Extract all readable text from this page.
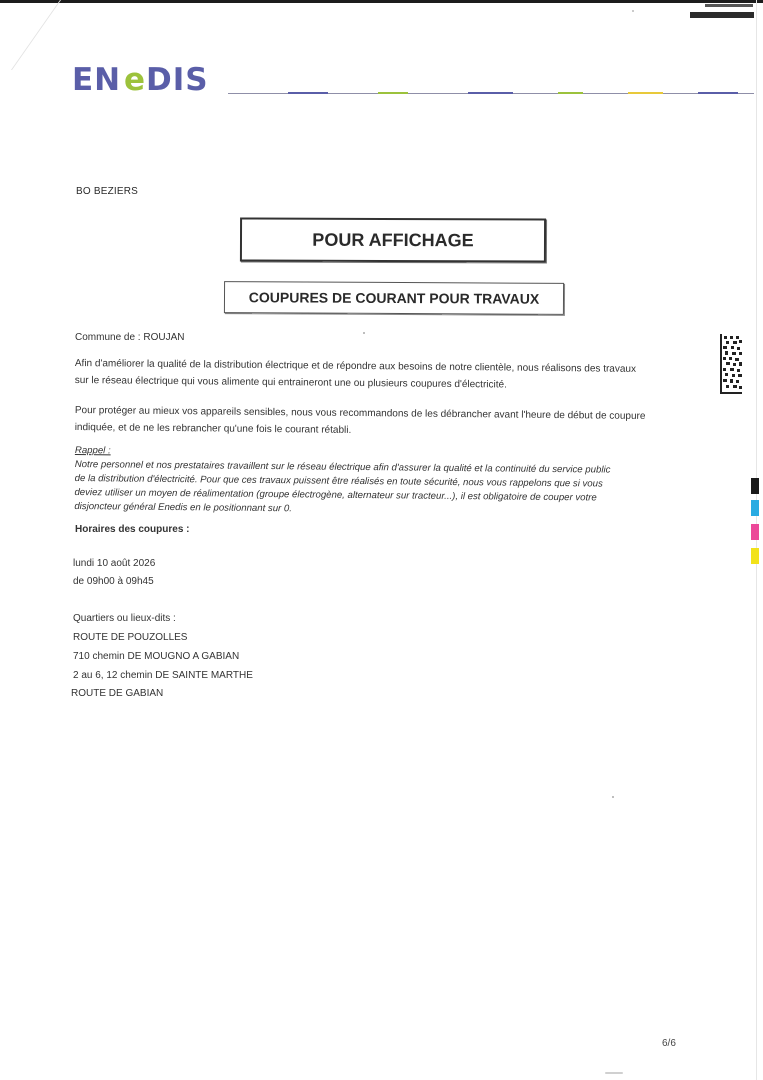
EN e DIS
BO BEZIERS
POUR AFFICHAGE
COUPURES DE COURANT POUR TRAVAUX
Commune de : ROUJAN
Afin d'améliorer la qualité de la distribution électrique et de répondre aux besoins de notre clientèle, nous réalisons des travaux
sur le réseau électrique qui vous alimente qui entraineront une ou plusieurs coupures d'électricité.
Pour protéger au mieux vos appareils sensibles, nous vous recommandons de les débrancher avant l'heure de début de coupure
indiquée, et de ne les rebrancher qu'une fois le courant rétabli.
Rappel :
Notre personnel et nos prestataires travaillent sur le réseau électrique afin d'assurer la qualité et la continuité du service public
de la distribution d'électricité. Pour que ces travaux puissent être réalisés en toute sécurité, nous vous rappelons que si vous
deviez utiliser un moyen de réalimentation (groupe électrogène, alternateur sur tracteur...), il est obligatoire de couper votre
disjoncteur général Enedis en le positionnant sur 0.
Horaires des coupures :
lundi 10 août 2026
de 09h00 à 09h45
Quartiers ou lieux-dits :
ROUTE DE POUZOLLES
710 chemin DE MOUGNO A GABIAN
2 au 6, 12 chemin DE SAINTE MARTHE
ROUTE DE GABIAN
6/6
